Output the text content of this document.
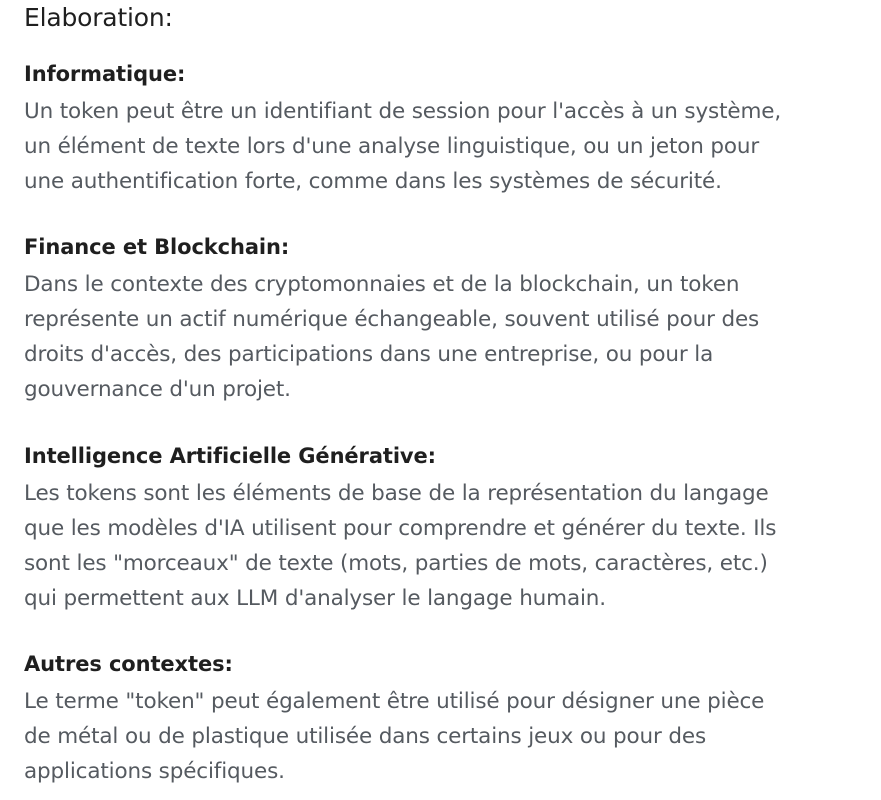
Elaboration:
Informatique:

Un token peut être un identifiant de session pour l'accès à un système,
un élément de texte lors d'une analyse linguistique, ou un jeton pour
une authentification forte, comme dans les systèmes de sécurité.

Finance et Blockchain:

Dans le contexte des cryptomonnaies et de la blockchain, un token
représente un actif numérique échangeable, souvent utilisé pour des
droits d'accès, des participations dans une entreprise, ou pour la
gouvernance d'un projet.

Intelligence Artificielle Générative:

Les tokens sont les éléments de base de la représentation du langage
que les modèles d'IA utilisent pour comprendre et générer du texte. Ils
sont les "morceaux" de texte (mots, parties de mots, caractères, etc.)
qui permettent aux LLM d'analyser le langage humain.

Autres contextes:

Le terme "token" peut également être utilisé pour désigner une pièce
de métal ou de plastique utilisée dans certains jeux ou pour des
applications spécifiques.
